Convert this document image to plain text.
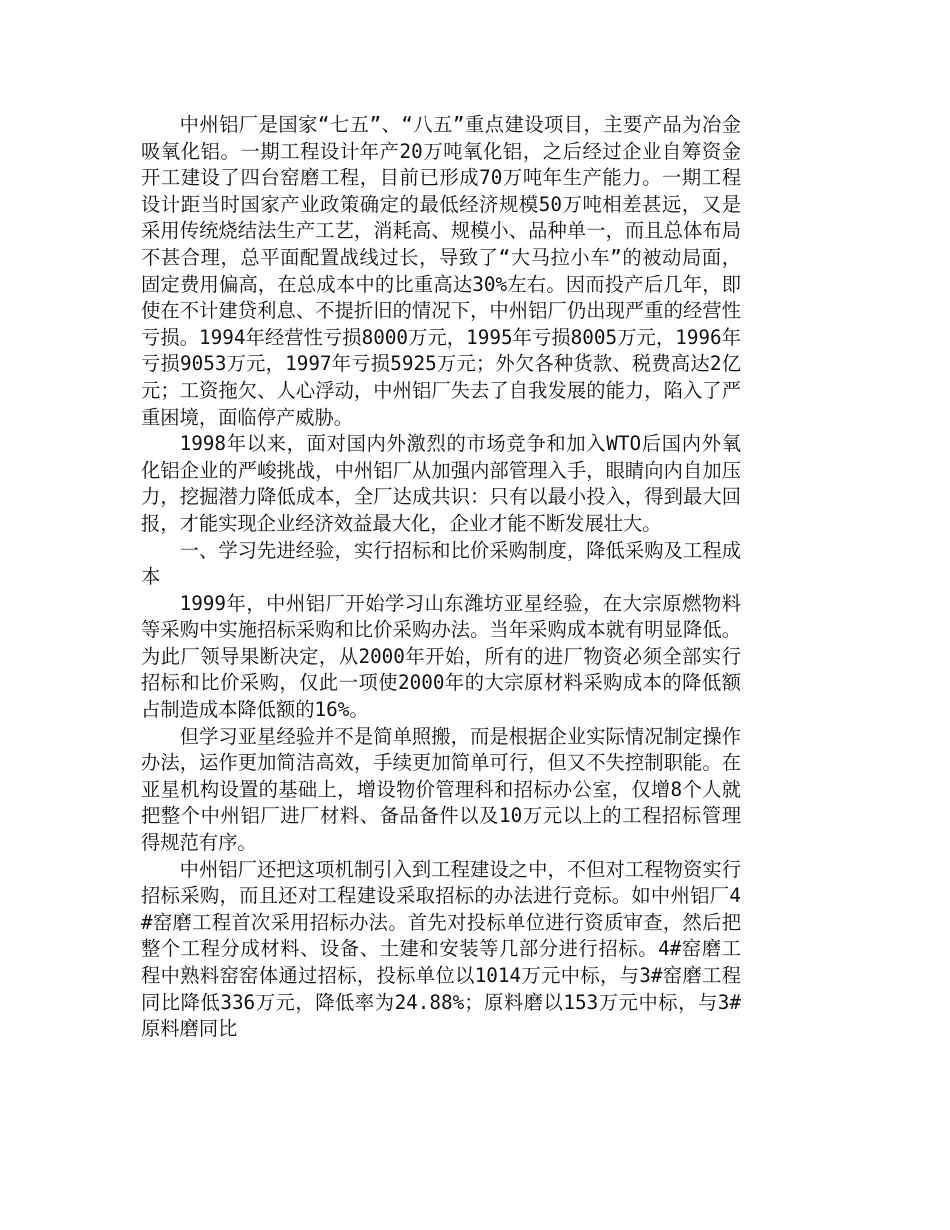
中州铝厂是国家“七五”、“八五”重点建设项目，主要产品为冶金吸氧化铝。一期工程设计年产20万吨氧化铝，之后经过企业自筹资金开工建设了四台窑磨工程，目前已形成70万吨年生产能力。一期工程设计距当时国家产业政策确定的最低经济规模50万吨相差甚远，又是采用传统烧结法生产工艺，消耗高、规模小、品种单一，而且总体布局不甚合理，总平面配置战线过长，导致了“大马拉小车”的被动局面，固定费用偏高，在总成本中的比重高达30%左右。因而投产后几年，即使在不计建贷利息、不提折旧的情况下，中州铝厂仍出现严重的经营性亏损。1994年经营性亏损8000万元，1995年亏损8005万元，1996年亏损9053万元，1997年亏损5925万元；外欠各种货款、税费高达2亿元；工资拖欠、人心浮动，中州铝厂失去了自我发展的能力，陷入了严重困境，面临停产威胁。

1998年以来，面对国内外激烈的市场竞争和加入WTO后国内外氧化铝企业的严峻挑战，中州铝厂从加强内部管理入手，眼睛向内自加压力，挖掘潜力降低成本，全厂达成共识：只有以最小投入，得到最大回报，才能实现企业经济效益最大化，企业才能不断发展壮大。

一、学习先进经验，实行招标和比价采购制度，降低采购及工程成本

1999年，中州铝厂开始学习山东潍坊亚星经验，在大宗原燃物料等采购中实施招标采购和比价采购办法。当年采购成本就有明显降低。为此厂领导果断决定，从2000年开始，所有的进厂物资必须全部实行招标和比价采购，仅此一项使2000年的大宗原材料采购成本的降低额占制造成本降低额的16%。

但学习亚星经验并不是简单照搬，而是根据企业实际情况制定操作办法，运作更加简洁高效，手续更加简单可行，但又不失控制职能。在亚星机构设置的基础上，增设物价管理科和招标办公室，仅增8个人就把整个中州铝厂进厂材料、备品备件以及10万元以上的工程招标管理得规范有序。

中州铝厂还把这项机制引入到工程建设之中，不但对工程物资实行招标采购，而且还对工程建设采取招标的办法进行竞标。如中州铝厂4#窑磨工程首次采用招标办法。首先对投标单位进行资质审查，然后把整个工程分成材料、设备、土建和安装等几部分进行招标。4#窑磨工程中熟料窑窑体通过招标，投标单位以1014万元中标，与3#窑磨工程同比降低336万元，降低率为24.88%；原料磨以153万元中标，与3#原料磨同比
